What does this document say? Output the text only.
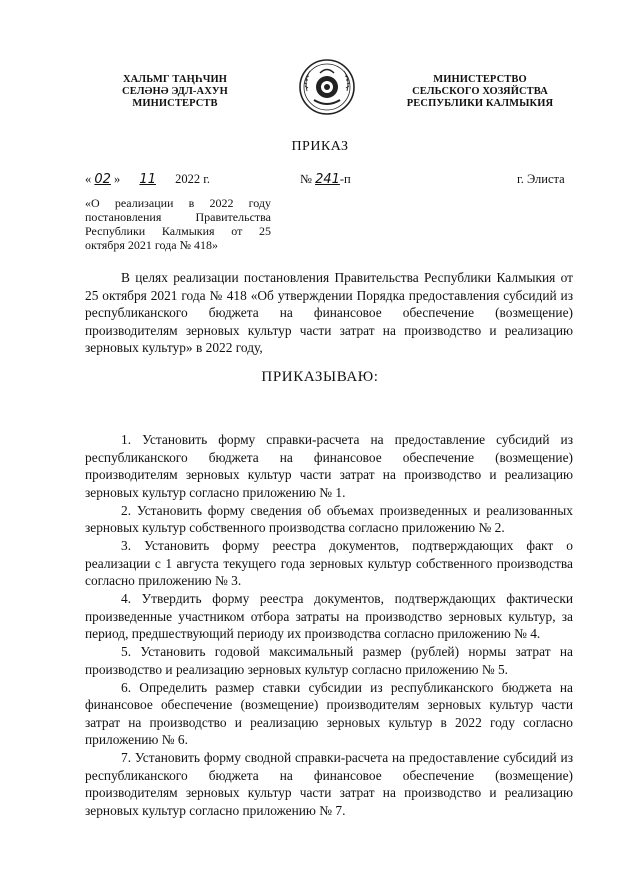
ХАЛЬМГ ТАҢҺЧИН
СЕЛӘНӘ ЭДЛ-АХУН
МИНИСТЕРСТВ
МИНИСТЕРСТВО
СЕЛЬСКОГО ХОЗЯЙСТВА
РЕСПУБЛИКИ КАЛМЫКИЯ
ПРИКАЗ
« 02 » 11 2022 г.	№ 241-п	г. Элиста
«О реализации в 2022 году постановления Правительства Республики Калмыкия от 25 октября 2021 года № 418»
В целях реализации постановления Правительства Республики Калмыкия от 25 октября 2021 года № 418 «Об утверждении Порядка предоставления субсидий из республиканского бюджета на финансовое обеспечение (возмещение) производителям зерновых культур части затрат на производство и реализацию зерновых культур» в 2022 году,
ПРИКАЗЫВАЮ:

1. Установить форму справки-расчета на предоставление субсидий из республиканского бюджета на финансовое обеспечение (возмещение) производителям зерновых культур части затрат на производство и реализацию зерновых культур согласно приложению № 1.

2. Установить форму сведения об объемах произведенных и реализованных зерновых культур собственного производства согласно приложению № 2.

3. Установить форму реестра документов, подтверждающих факт о реализации с 1 августа текущего года зерновых культур собственного производства согласно приложению № 3.

4. Утвердить форму реестра документов, подтверждающих фактически произведенные участником отбора затраты на производство зерновых культур, за период, предшествующий периоду их производства согласно приложению № 4.

5. Установить годовой максимальный размер (рублей) нормы затрат на производство и реализацию зерновых культур согласно приложению № 5.

6. Определить размер ставки субсидии из республиканского бюджета на финансовое обеспечение (возмещение) производителям зерновых культур части затрат на производство и реализацию зерновых культур в 2022 году согласно приложению № 6.

7. Установить форму сводной справки-расчета на предоставление субсидий из республиканского бюджета на финансовое обеспечение (возмещение) производителям зерновых культур части затрат на производство и реализацию зерновых культур согласно приложению № 7.
